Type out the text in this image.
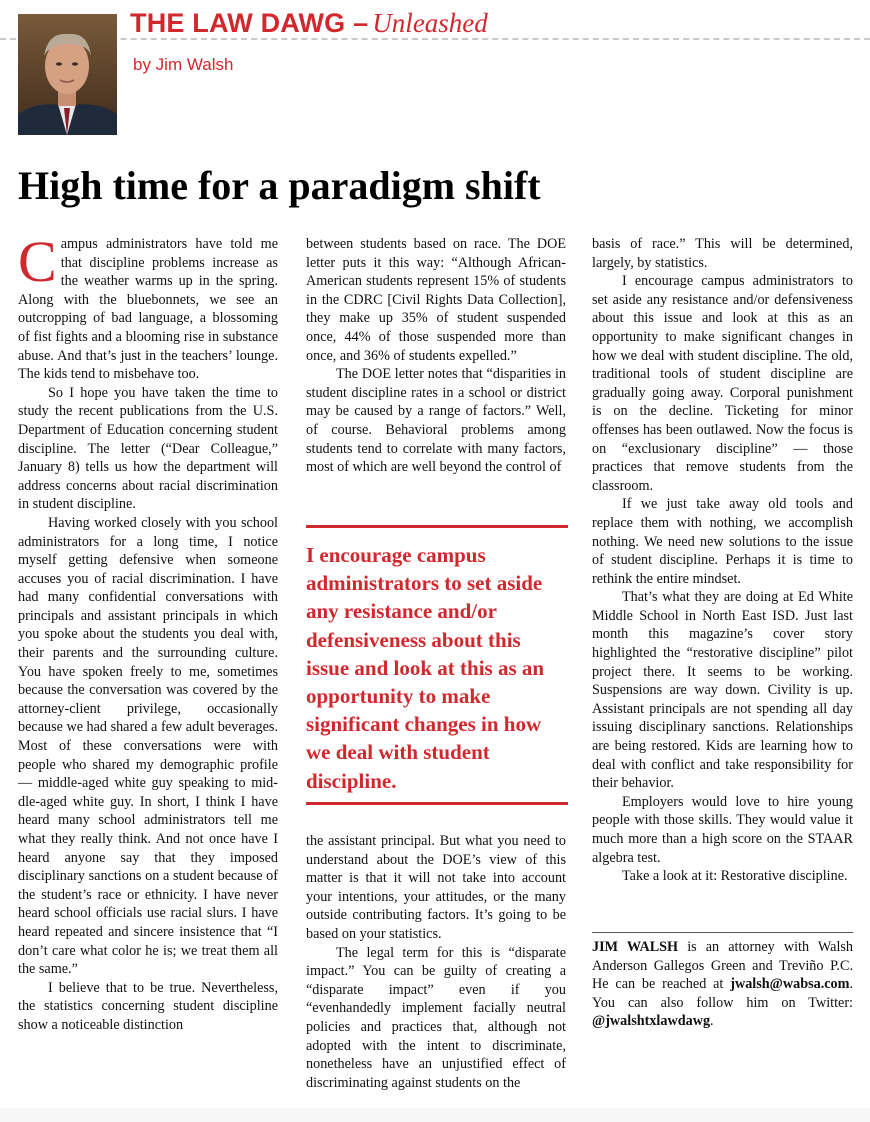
THE LAW DAWG – Unleashed
by Jim Walsh
High time for a paradigm shift

Campus administrators have told me that discipline problems increase as the weather warms up in the spring. Along with the bluebonnets, we see an outcropping of bad language, a blossoming of fist fights and a blooming rise in substance abuse. And that’s just in the teachers’ lounge. The kids tend to misbehave too.

So I hope you have taken the time to study the recent publications from the U.S. Department of Education concerning student discipline. The letter (“Dear Colleague,” January 8) tells us how the department will address concerns about racial discrimination in student discipline.

Having worked closely with you school administrators for a long time, I notice myself getting defensive when someone accuses you of racial discrimination. I have had many confidential conversations with principals and assistant principals in which you spoke about the students you deal with, their parents and the surrounding culture. You have spoken freely to me, sometimes because the conversation was covered by the attorney-client privilege, occasionally because we had shared a few adult beverages. Most of these conversations were with people who shared my demographic profile — middle-aged white guy speaking to middle-aged white guy. In short, I think I have heard many school administrators tell me what they really think. And not once have I heard anyone say that they imposed disciplinary sanctions on a student because of the student’s race or ethnicity. I have never heard school officials use racial slurs. I have heard repeated and sincere insistence that “I don’t care what color he is; we treat them all the same.”

I believe that to be true. Nevertheless, the statistics concerning student discipline show a noticeable distinction

between students based on race. The DOE letter puts it this way: “Although African-American students represent 15% of students in the CDRC [Civil Rights Data Collection], they make up 35% of student suspended once, 44% of those suspended more than once, and 36% of students expelled.”

The DOE letter notes that “disparities in student discipline rates in a school or district may be caused by a range of factors.” Well, of course. Behavioral problems among students tend to correlate with many factors, most of which are well beyond the control of

I encourage campus administrators to set aside any resistance and/or defensiveness about this issue and look at this as an opportunity to make significant changes in how we deal with student discipline.

the assistant principal. But what you need to understand about the DOE’s view of this matter is that it will not take into account your intentions, your attitudes, or the many outside contributing factors. It’s going to be based on your statistics.

The legal term for this is “disparate impact.” You can be guilty of creating a “disparate impact” even if you “evenhandedly implement facially neutral policies and practices that, although not adopted with the intent to discriminate, nonetheless have an unjustified effect of discriminating against students on the

basis of race.” This will be determined, largely, by statistics.

I encourage campus administrators to set aside any resistance and/or defensiveness about this issue and look at this as an opportunity to make significant changes in how we deal with student discipline. The old, traditional tools of student discipline are gradually going away. Corporal punishment is on the decline. Ticketing for minor offenses has been outlawed. Now the focus is on “exclusionary discipline” — those practices that remove students from the classroom.

If we just take away old tools and replace them with nothing, we accomplish nothing. We need new solutions to the issue of student discipline. Perhaps it is time to rethink the entire mindset.

That’s what they are doing at Ed White Middle School in North East ISD. Just last month this magazine’s cover story highlighted the “restorative discipline” pilot project there. It seems to be working. Suspensions are way down. Civility is up. Assistant principals are not spending all day issuing disciplinary sanctions. Relationships are being restored. Kids are learning how to deal with conflict and take responsibility for their behavior.

Employers would love to hire young people with those skills. They would value it much more than a high score on the STAAR algebra test.

Take a look at it: Restorative discipline.

JIM WALSH is an attorney with Walsh Anderson Gallegos Green and Treviño P.C. He can be reached at jwalsh@wabsa.com. You can also follow him on Twitter: @jwalshtxlawdawg.
